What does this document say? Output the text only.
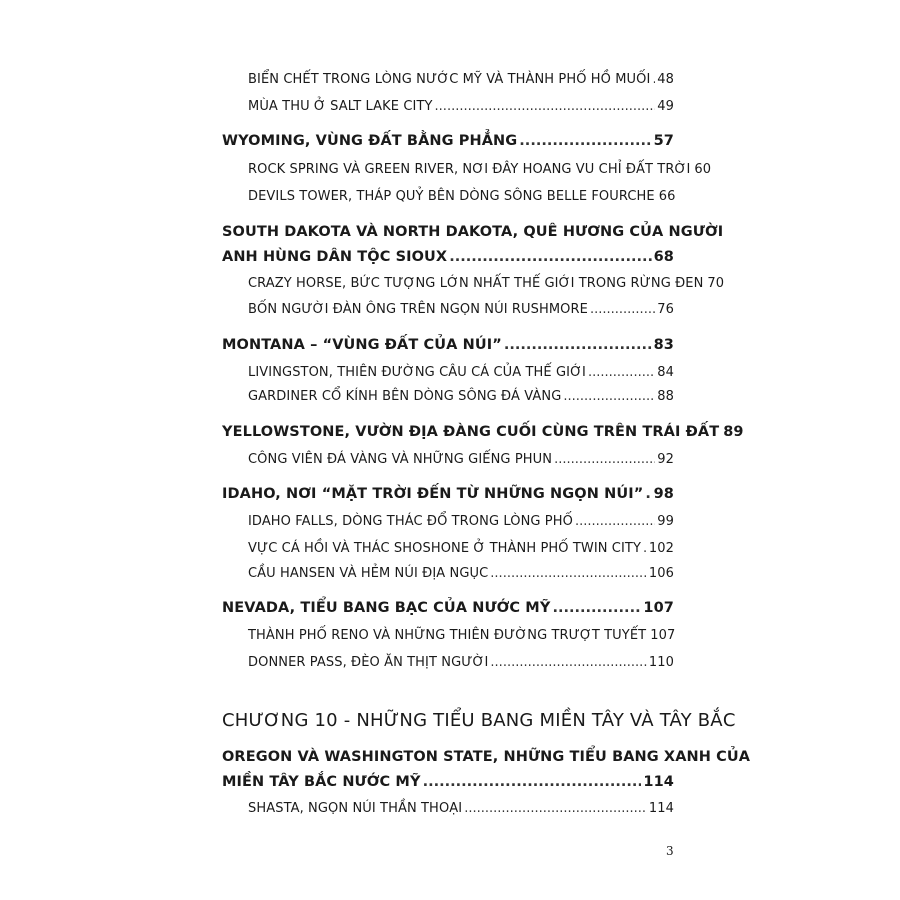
BIỂN CHẾT TRONG LÒNG NƯỚC MỸ VÀ THÀNH PHỐ HỒ MUỐI ..... 48
MÙA THU Ở SALT LAKE CITY .....	49
WYOMING, VÙNG ĐẤT BẰNG PHẲNG .....	57
ROCK SPRING VÀ GREEN RIVER, NƠI ĐÂY HOANG VU CHỈ ĐẤT TRỜI 60
DEVILS TOWER, THÁP QUỶ BÊN DÒNG SÔNG BELLE FOURCHE 66
SOUTH DAKOTA VÀ NORTH DAKOTA, QUÊ HƯƠNG CỦA NGƯỜI
ANH HÙNG DÂN TỘC SIOUX .....	68
CRAZY HORSE, BỨC TƯỢNG LỚN NHẤT THẾ GIỚI TRONG RỪNG ĐEN 70
BỐN NGƯỜI ĐÀN ÔNG TRÊN NGỌN NÚI RUSHMORE .....	76
MONTANA – “VÙNG ĐẤT CỦA NÚI” .....	83
LIVINGSTON, THIÊN ĐƯỜNG CÂU CÁ CỦA THẾ GIỚI .....	84
GARDINER CỔ KÍNH BÊN DÒNG SÔNG ĐÁ VÀNG .....	88
YELLOWSTONE, VƯỜN ĐỊA ĐÀNG CUỐI CÙNG TRÊN TRÁI ĐẤT 89
CÔNG VIÊN ĐÁ VÀNG VÀ NHỮNG GIẾNG PHUN .....	92
IDAHO, NƠI “MẶT TRỜI ĐẾN TỪ NHỮNG NGỌN NÚI” ..... 98
IDAHO FALLS, DÒNG THÁC ĐỔ TRONG LÒNG PHỐ .....	99
VỰC CÁ HỒI VÀ THÁC SHOSHONE Ở THÀNH PHỐ TWIN CITY ..... 102
CẦU HANSEN VÀ HẺM NÚI ĐỊA NGỤC .....	106
NEVADA, TIỂU BANG BẠC CỦA NƯỚC MỸ .....	107
THÀNH PHỐ RENO VÀ NHỮNG THIÊN ĐƯỜNG TRƯỢT TUYẾT 107
DONNER PASS, ĐÈO ĂN THỊT NGƯỜI .....	110
CHƯƠNG 10 - NHỮNG TIỂU BANG MIỀN TÂY VÀ TÂY BẮC
OREGON VÀ WASHINGTON STATE, NHỮNG TIỂU BANG XANH CỦA
MIỀN TÂY BẮC NƯỚC MỸ .....	114
SHASTA, NGỌN NÚI THẦN THOẠI .....	114
3
